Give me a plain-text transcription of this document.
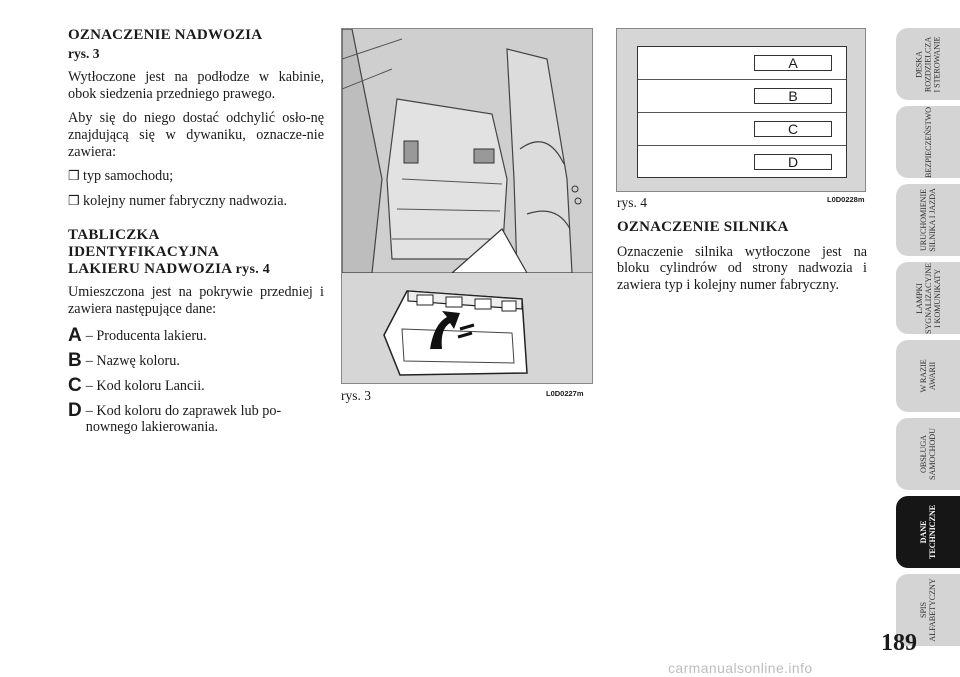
OZNACZENIE NADWOZIA
rys. 3

Wytłoczone jest na podłodze w kabinie, obok siedzenia przedniego prawego.

Aby się do niego dostać odchylić osło-nę znajdującą się w dywaniku, oznacze-nie zawiera:

❒ typ samochodu;
❒ kolejny numer fabryczny nadwozia.
TABLICZKA
IDENTYFIKACYJNA
LAKIERU NADWOZIA rys. 4

Umieszczona jest na pokrywie przedniej i zawiera następujące dane:

A – Producenta lakieru.
B – Nazwę koloru.
C – Kod koloru Lancii.
D – Kod koloru do zaprawek lub po-nownego lakierowania.
rys. 3	L0D0227m
A
B
C
D
rys. 4	L0D0228m
OZNACZENIE SILNIKA

Oznaczenie silnika wytłoczone jest na bloku cylindrów od strony nadwozia i zawiera typ i kolejny numer fabryczny.

DESKA
ROZDZIELCZA
I STEROWANIE
BEZPIECZEŃSTWO
URUCHOMIENIE
SILNIKA I JAZDA
LAMPKI
SYGNALIZACYJNE
I KOMUNIKATY
W RAZIE
AWARII
OBSŁUGA
SAMOCHODU
DANE
TECHNICZNE
SPIS
ALFABETYCZNY
189
carmanualsonline.info
